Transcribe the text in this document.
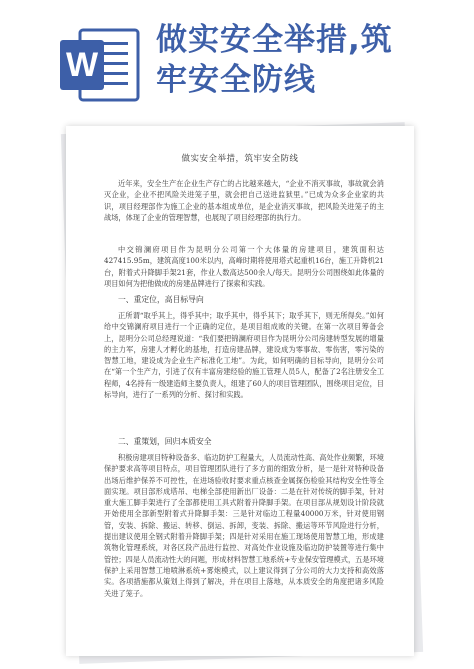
W
做实安全举措,筑
牢安全防线
做实安全举措，筑牢安全防线
近年来，安全生产在企业生产存亡的占比越来越大，“企业不消灭事故，事故就会消灭企业，企业不把风险关进笼子里，就会把自己送进监狱里。”已成为众多企业家的共识，项目经理部作为施工企业的基本组成单位，是企业消灭事故，把风险关进笼子的主战场，体现了企业的管理智慧，也展现了项目经理部的执行力。
中交锦澜府项目作为昆明分公司第一个大体量的房建项目，建筑面积达427415.95m，建筑高度100米以内，高峰时期将使用塔式起重机16台，施工升降机21台，附着式升降脚手架21套，作业人数高达500余人/每天。昆明分公司围绕如此体量的项目如何为把他做成的房建品牌进行了探索和实践。
一、重定位，高目标导向
正所谓“取乎其上，得乎其中；取乎其中，得乎其下；取乎其下，则无所得矣。”如何给中交锦澜府项目进行一个正确的定位，是项目组成败的关键。在第一次项目筹备会上，昆明分公司总经理说道：“我们要把锦澜府项目作为昆明分公司房建转型发展的增量的主力军，房建人才孵化的基地，打造房建品牌，建设成为零事故、零伤害，零污染的智慧工地，建设成为企业生产标准化工地”。为此，如何明确的目标导向，昆明分公司在“第一个生产力，引进了仅有丰富房建经验的施工管理人员5人，配备了2名注册安全工程师，4名持有一级建造师主要负责人，组建了60人的项目管理团队，围绕项目定位，目标导向，进行了一系列的分析、探讨和实践。
二、重策划，回归本质安全
积极房建项目特种设备多、临边防护工程量大，人员流动性高、高处作业频繁，环境保护要求高等项目特点，项目管理团队进行了多方面的细致分析，是一是针对特种设备出场后维护保养不可控性，在进场验收时要求重点核查金属探伤检验其结构安全性等全面实现。项目部形成塔吊、电梯全部使用新出厂设备：二是在针对传统的脚手架，针对重大施工脚手架进行了全部都使用工具式附着升降脚手架。在项目部从规划设计阶段就开始使用全部新型附着式升降脚手架：三是针对临边工程量40000万米，针对使用钢管，安装、拆除、搬运、转移、倒运、拆卸，变装、拆除、搬运等环节风险进行分析，提出建议使用全钢式附着升降脚手架；四是针对采用在施工现场使用智慧工地，形成建筑物化管理系统，对各区段产品进行监控、对高处作业设施及临边防护装置等进行集中管控；四是人员流动性大的问题，形成材料智慧工地系统+专业保安管理模式，五是环境保护上采用智慧工地喷淋系统+雾炮模式，以上建议得到了分公司的大力支持和高效落实。各项措施都从策划上得到了解决，并在项目上落地，从本质安全的角度把诸多风险关进了笼子。
